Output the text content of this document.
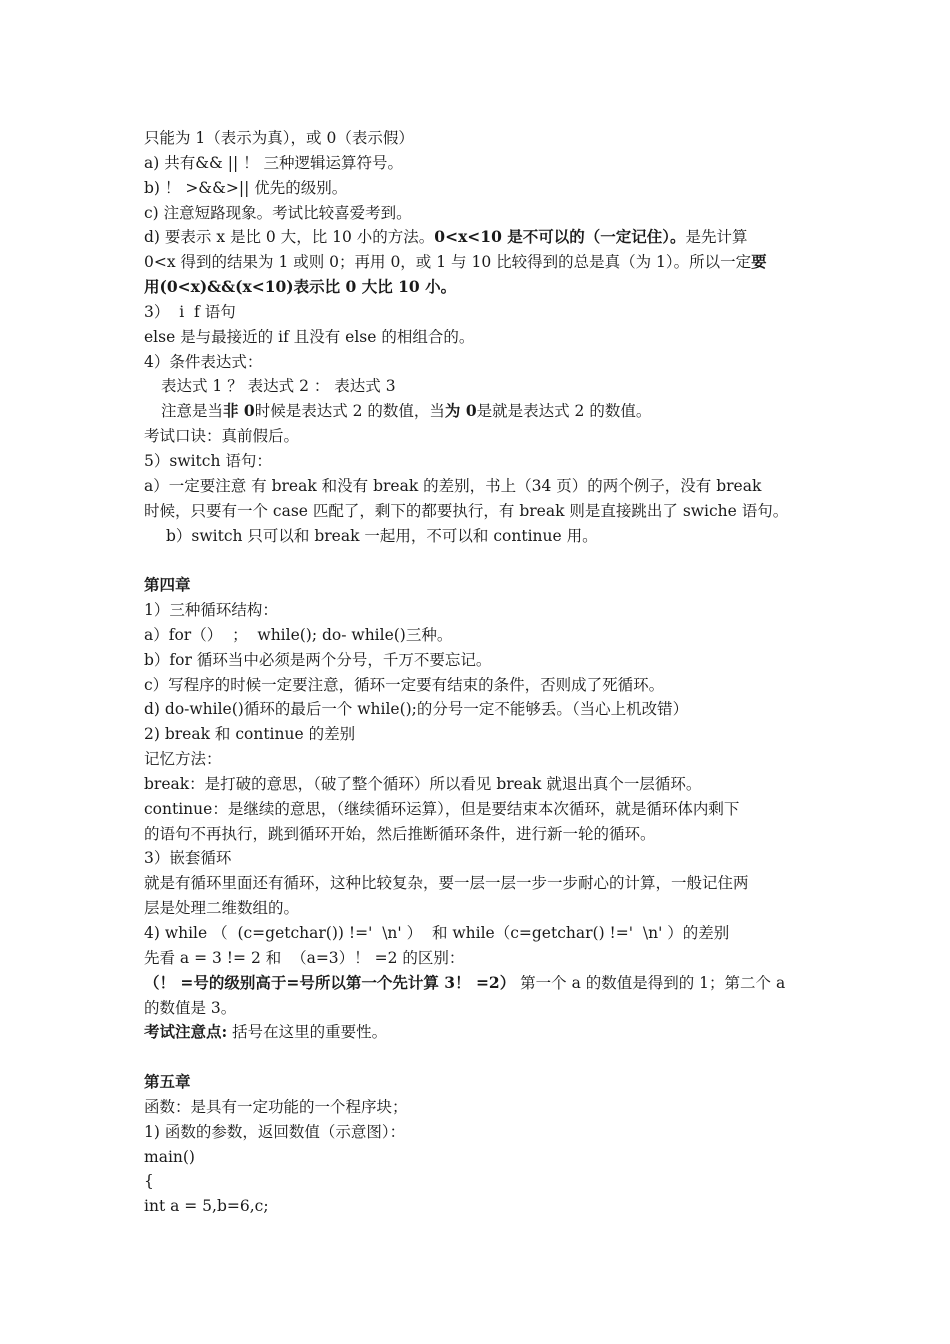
只能为 1（表示为真），或 0（表示假）
a) 共有&& || ！ 三种逻辑运算符号。
b) ！ >&&>|| 优先的级别。
c) 注意短路现象。考试比较喜爱考到。
d) 要表示 x 是比 0 大，比 10 小的方法。0<x<10 是不可以的（一定记住）。是先计算
0<x 得到的结果为 1 或则 0；再用 0，或 1 与 10 比较得到的总是真（为 1）。所以一定要
用(0<x)&&(x<10)表示比 0 大比 10 小。
3）  i  f 语句
else 是与最接近的 if 且没有 else 的相组合的。
4）条件表达式：
表达式 1 ？ 表达式 2 ： 表达式 3
注意是当非 0时候是表达式 2 的数值，当为 0是就是表达式 2 的数值。
考试口诀：真前假后。
5）switch 语句：
a）一定要注意 有 break 和没有 break 的差别，书上（34 页）的两个例子，没有 break
时候，只要有一个 case 匹配了，剩下的都要执行，有 break 则是直接跳出了 swiche 语句。
b）switch 只可以和 break 一起用，不可以和 continue 用。
第四章
1）三种循环结构：
a）for（）  ；  while(); do- while()三种。
b）for 循环当中必须是两个分号，千万不要忘记。
c）写程序的时候一定要注意，循环一定要有结束的条件，否则成了死循环。
d) do-while()循环的最后一个 while();的分号一定不能够丢。（当心上机改错）
2) break 和 continue 的差别
记忆方法：
break：是打破的意思，（破了整个循环）所以看见 break 就退出真个一层循环。
continue：是继续的意思，（继续循环运算），但是要结束本次循环，就是循环体内剩下
的语句不再执行，跳到循环开始，然后推断循环条件，进行新一轮的循环。
3）嵌套循环
就是有循环里面还有循环，这种比较复杂，要一层一层一步一步耐心的计算，一般记住两
层是处理二维数组的。
4) while （  (c=getchar()) !='  \n' ）  和 while（c=getchar() !='  \n' ）的差别
先看 a = 3 != 2 和  （a=3）！ =2 的区别：
（！ =号的级别高于=号所以第一个先计算 3！ =2） 第一个 a 的数值是得到的 1；第二个 a
的数值是 3。
考试注意点: 括号在这里的重要性。
第五章
函数：是具有一定功能的一个程序块；
1) 函数的参数，返回数值（示意图）：
main()
{
int a = 5,b=6,c;
